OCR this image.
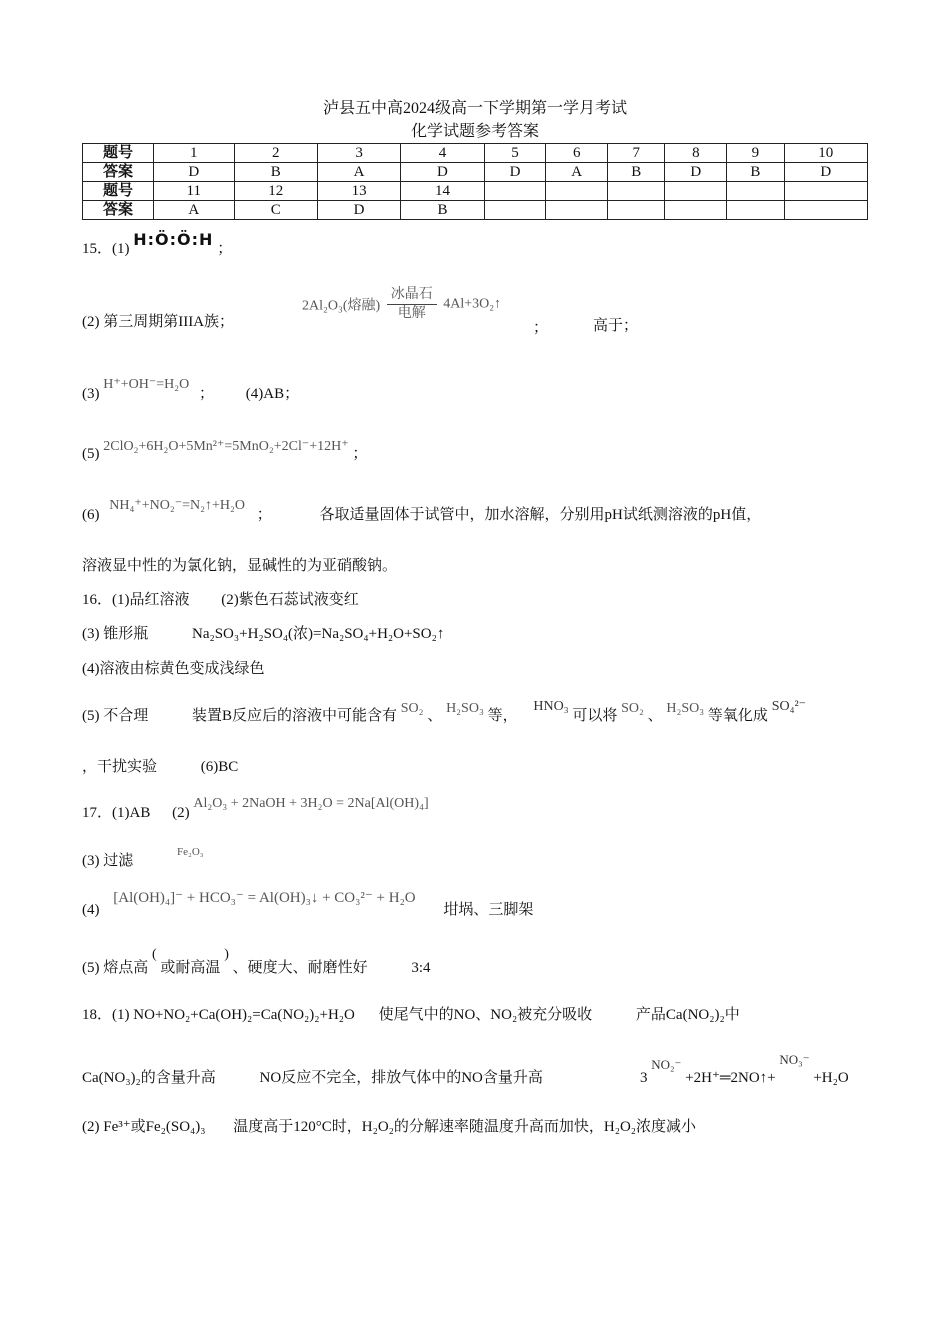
泸县五中高2024级高一下学期第一学月考试
化学试题参考答案
题号	1	2	3	4	5	6	7	8	9	10
答案	D	B	A	D	D	A	B	D	B	D
题号	11	12	13	14						
答案	A	C	D	B						
15．(1) H:Ö:Ö:H ；
(2) 第三周期第IIIA族；
2Al₂O₃(熔融) $\frac{\text{冰晶石}}{\text{电解}}$ 4Al+3O₂↑
；	高于；
(3) H⁺+OH⁻=H₂O ； (4)AB；
(5) 2ClO₂+6H₂O+5Mn²⁺=5MnO₂+2Cl⁻+12H⁺ ；
(6) NH₄⁺+NO₂⁻=N₂↑+H₂O ；	各取适量固体于试管中，加水溶解，分别用pH试纸测溶液的pH值，
溶液显中性的为氯化钠，显碱性的为亚硝酸钠。
16．(1)品红溶液 (2)紫色石蕊试液变红
(3) 锥形瓶	Na₂SO₃+H₂SO₄(浓)=Na₂SO₄+H₂O+SO₂↑
(4)溶液由棕黄色变成浅绿色
(5) 不合理	装置B反应后的溶液中可能含有 SO₂ 、 H₂SO₃ 等， HNO₃ 可以将 SO₂ 、 H₂SO₃ 等氧化成 SO₄²⁻
，干扰实验	(6)BC
17．(1)AB (2) Al₂O₃ + 2NaOH + 3H₂O = 2Na[Al(OH)₄]
(3) 过滤 $^{Fe_2O_3}$
(4) [Al(OH)₄]⁻ + HCO₃⁻ = Al(OH)₃↓ + CO₃²⁻ + H₂O 坩埚、三脚架
(5) 熔点高 ( 或耐高温 ) 、硬度大、耐磨性好	3:4
18．(1) NO+NO₂+Ca(OH)₂=Ca(NO₂)₂+H₂O 使尾气中的NO、NO₂被充分吸收	产品Ca(NO₂)₂中
Ca(NO₃)₂的含量升高	NO反应不完全，排放气体中的NO含量升高	3 NO₂⁻ +2H⁺═2NO↑+ NO₃⁻ +H₂O
(2) Fe³⁺或Fe₂(SO₄)₃ 温度高于120°C时，H₂O₂的分解速率随温度升高而加快，H₂O₂浓度减小
